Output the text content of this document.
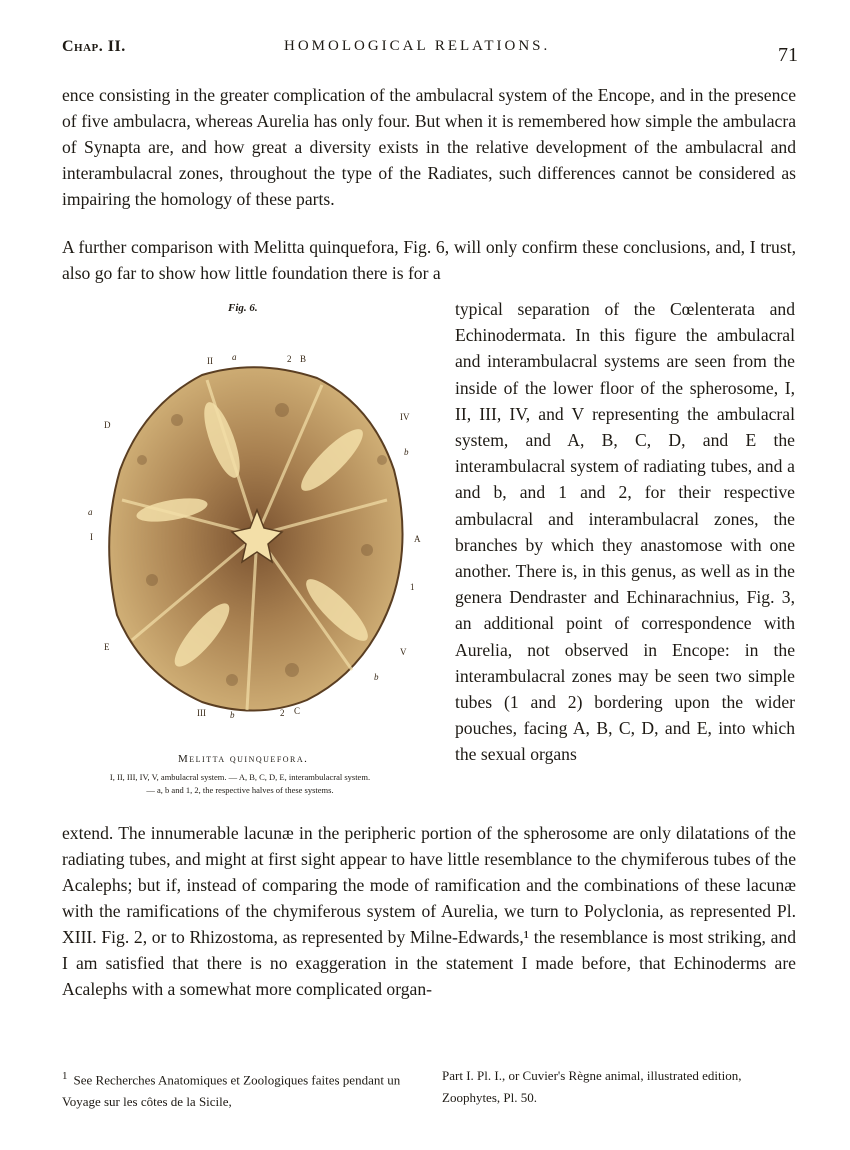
Chap. II.	HOMOLOGICAL RELATIONS.	71

ence consisting in the greater complication of the ambulacral system of the Encope, and in the presence of five ambulacra, whereas Aurelia has only four. But when it is remembered how simple the ambulacra of Synapta are, and how great a diversity exists in the relative development of the ambulacral and interambulacral zones, throughout the type of the Radiates, such differences cannot be considered as impairing the homology of these parts.

A further comparison with Melitta quinquefora, Fig. 6, will only confirm these conclusions, and, I trust, also go far to show how little foundation there is for a

Fig. 6.
II a	2 B
IV
b
A
1
V
b
III	b	2 C
E
I
D
a
Melitta quinquefora.
I, II, III, IV, V, ambulacral system. — A, B, C, D, E, interambulacral system.
— a, b and 1, 2, the respective halves of these systems.

typical separation of the Cœlenterata and Echinodermata. In this figure the ambulacral and interambulacral systems are seen from the inside of the lower floor of the spherosome, I, II, III, IV, and V representing the ambulacral system, and A, B, C, D, and E the interambulacral system of radiating tubes, and a and b, and 1 and 2, for their respective ambulacral and interambulacral zones, the branches by which they anastomose with one another. There is, in this genus, as well as in the genera Dendraster and Echinarachnius, Fig. 3, an additional point of correspondence with Aurelia, not observed in Encope: in the interambulacral zones may be seen two simple tubes (1 and 2) bordering upon the wider pouches, facing A, B, C, D, and E, into which the sexual organs

extend. The innumerable lacunæ in the peripheric portion of the spherosome are only dilatations of the radiating tubes, and might at first sight appear to have little resemblance to the chymiferous tubes of the Acalephs; but if, instead of comparing the mode of ramification and the combinations of these lacunæ with the ramifications of the chymiferous system of Aurelia, we turn to Polyclonia, as represented Pl. XIII. Fig. 2, or to Rhizostoma, as represented by Milne-Edwards,¹ the resemblance is most striking, and I am satisfied that there is no exaggeration in the statement I made before, that Echinoderms are Acalephs with a somewhat more complicated organ-

$^1$ See Recherches Anatomiques et Zoologiques faites pendant un Voyage sur les côtes de la Sicile,
Part I. Pl. I., or Cuvier's Règne animal, illustrated edition, Zoophytes, Pl. 50.
